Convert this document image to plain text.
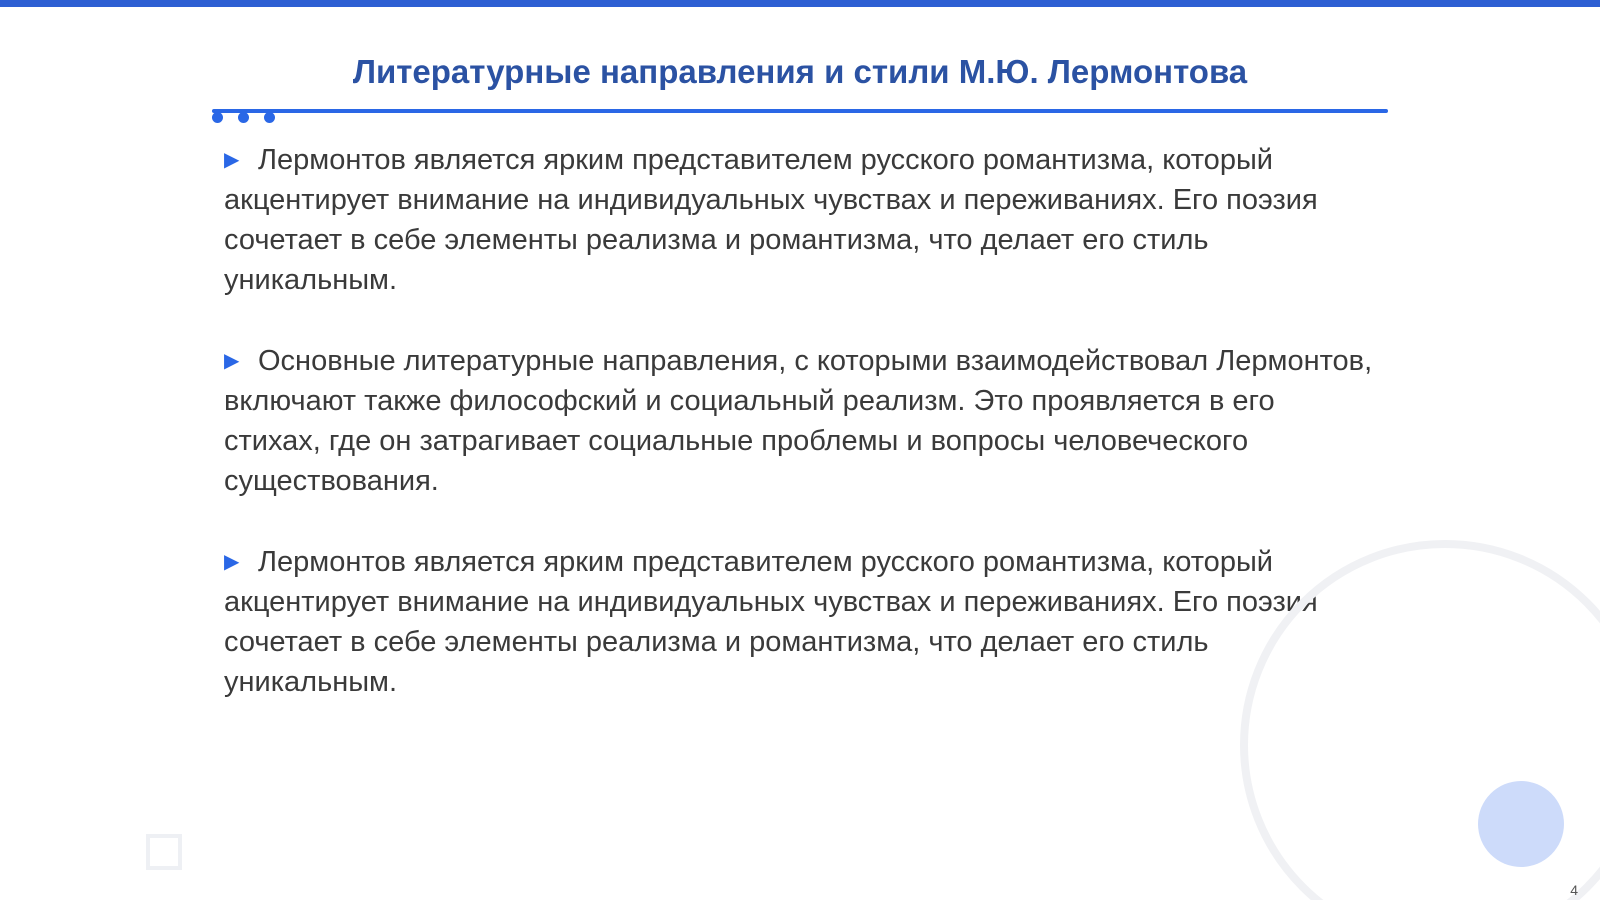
Литературные направления и стили М.Ю. Лермонтова
▶ Лермонтов является ярким представителем русского романтизма, который акцентирует внимание на индивидуальных чувствах и переживаниях. Его поэзия сочетает в себе элементы реализма и романтизма, что делает его стиль уникальным.
▶ Основные литературные направления, с которыми взаимодействовал Лермонтов, включают также философский и социальный реализм. Это проявляется в его стихах, где он затрагивает социальные проблемы и вопросы человеческого существования.
▶ Лермонтов является ярким представителем русского романтизма, который акцентирует внимание на индивидуальных чувствах и переживаниях. Его поэзия сочетает в себе элементы реализма и романтизма, что делает его стиль уникальным.
4
